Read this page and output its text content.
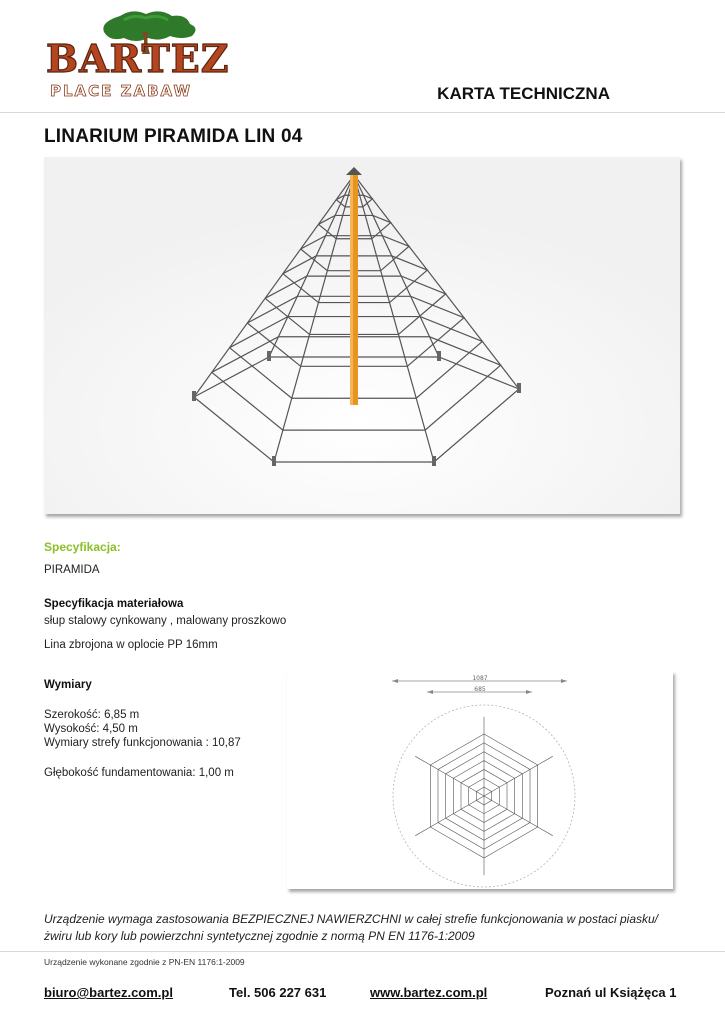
BARTEZ
PLACE ZABAW	KARTA TECHNICZNA
LINARIUM PIRAMIDA LIN 04
Specyfikacja:
PIRAMIDA
Specyfikacja materiałowa
słup stalowy cynkowany , malowany proszkowo
Lina zbrojona w oplocie PP 16mm
Wymiary
Szerokość: 6,85 m
Wysokość: 4,50 m
Wymiary strefy funkcjonowania : 10,87
Głębokość fundamentowania: 1,00 m
1087
685
Urządzenie wymaga zastosowania BEZPIECZNEJ NAWIERZCHNI w całej strefie funkcjonowania w postaci piasku/żwiru lub kory lub powierzchni syntetycznej zgodnie z normą PN EN 1176-1:2009
Urządzenie wykonane zgodnie z PN-EN 1176:1-2009
biuro@bartez.com.pl	Tel. 506 227 631	www.bartez.com.pl	Poznań ul Książęca 1
